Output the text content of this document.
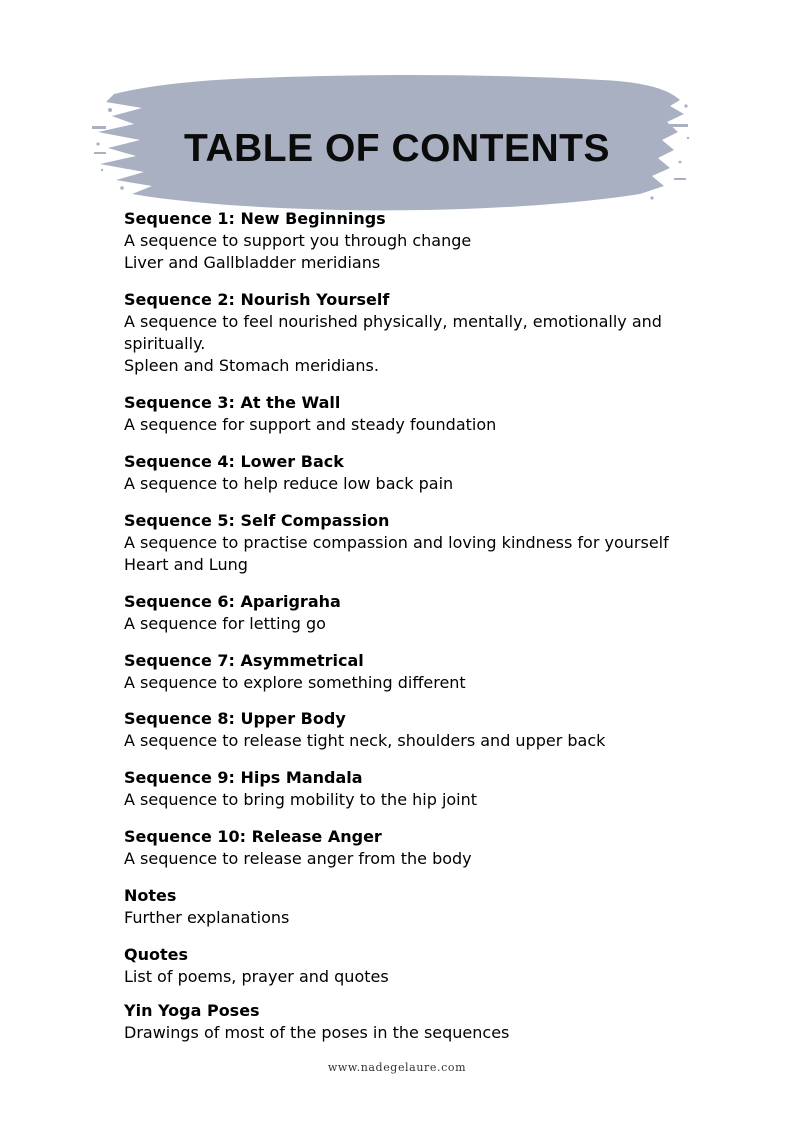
TABLE OF CONTENTS
Sequence 1: New Beginnings
A sequence to support you through change
Liver and Gallbladder meridians
Sequence 2: Nourish Yourself
A sequence to feel nourished physically, mentally, emotionally and spiritually.
Spleen and Stomach meridians.
Sequence 3: At the Wall
A sequence for support and steady foundation
Sequence 4: Lower Back
A sequence to help reduce low back pain
Sequence 5: Self Compassion
A sequence to practise compassion and loving kindness for yourself
Heart and Lung
Sequence 6: Aparigraha
A sequence for letting go
Sequence 7: Asymmetrical
A sequence to explore something different
Sequence 8: Upper Body
A sequence to release tight neck, shoulders and upper back
Sequence 9: Hips Mandala
A sequence to bring mobility to the hip joint
Sequence 10: Release Anger
A sequence to release anger from the body
Notes
Further explanations
Quotes
List of poems, prayer and quotes
Yin Yoga Poses
Drawings of most of the poses in the sequences
www.nadegelaure.com
